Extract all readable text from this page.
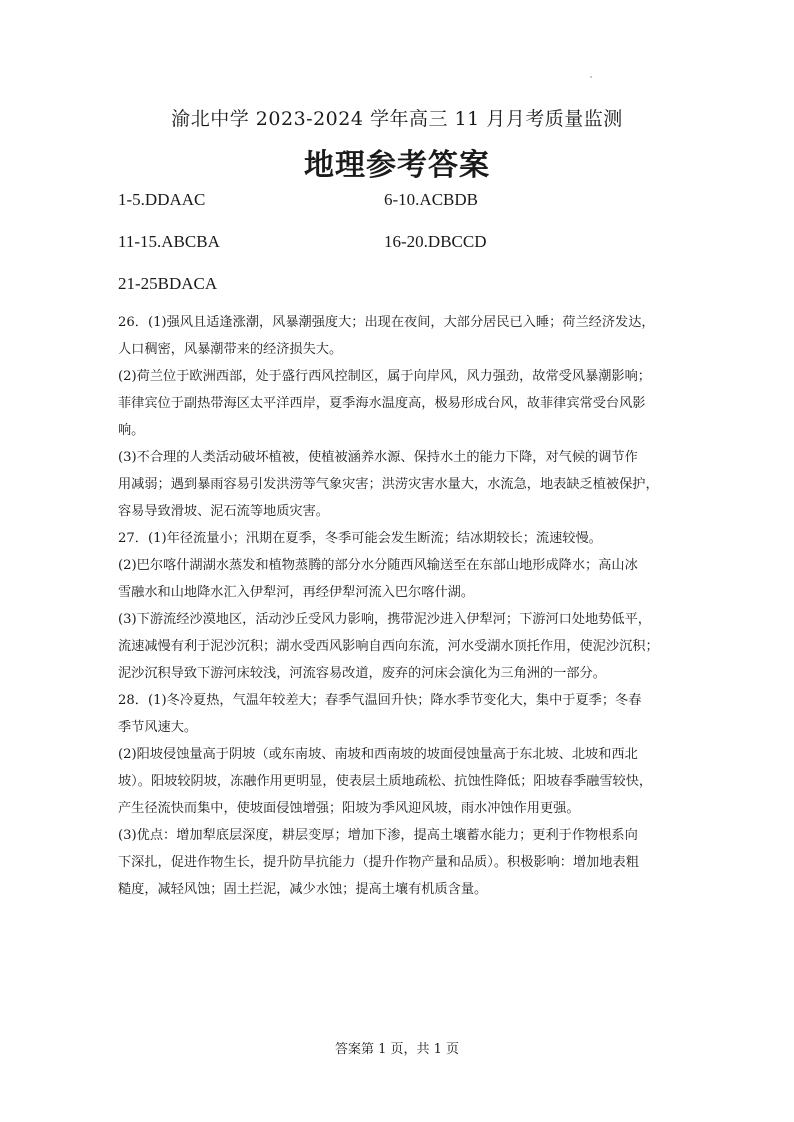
渝北中学 2023-2024 学年高三 11 月月考质量监测
地理参考答案
1-5.DDAAC	6-10.ACBDB
11-15.ABCBA	16-20.DBCCD
21-25BDACA
26．(1)强风且适逢涨潮，风暴潮强度大；出现在夜间，大部分居民已入睡；荷兰经济发达，
人口稠密，风暴潮带来的经济损失大。
(2)荷兰位于欧洲西部，处于盛行西风控制区，属于向岸风，风力强劲，故常受风暴潮影响；
菲律宾位于副热带海区太平洋西岸，夏季海水温度高，极易形成台风，故菲律宾常受台风影
响。
(3)不合理的人类活动破坏植被，使植被涵养水源、保持水土的能力下降，对气候的调节作
用减弱；遇到暴雨容易引发洪涝等气象灾害；洪涝灾害水量大，水流急，地表缺乏植被保护，
容易导致滑坡、泥石流等地质灾害。
27．(1)年径流量小；汛期在夏季，冬季可能会发生断流；结冰期较长；流速较慢。
(2)巴尔喀什湖湖水蒸发和植物蒸腾的部分水分随西风输送至在东部山地形成降水；高山冰
雪融水和山地降水汇入伊犁河，再经伊犁河流入巴尔喀什湖。
(3)下游流经沙漠地区，活动沙丘受风力影响，携带泥沙进入伊犁河；下游河口处地势低平，
流速减慢有利于泥沙沉积；湖水受西风影响自西向东流，河水受湖水顶托作用，使泥沙沉积；
泥沙沉积导致下游河床较浅，河流容易改道，废弃的河床会演化为三角洲的一部分。
28．(1)冬冷夏热，气温年较差大；春季气温回升快；降水季节变化大，集中于夏季；冬春
季节风速大。
(2)阳坡侵蚀量高于阴坡（或东南坡、南坡和西南坡的坡面侵蚀量高于东北坡、北坡和西北
坡）。阳坡较阴坡，冻融作用更明显，使表层土质地疏松、抗蚀性降低；阳坡春季融雪较快，
产生径流快而集中，使坡面侵蚀增强；阳坡为季风迎风坡，雨水冲蚀作用更强。
(3)优点：增加犁底层深度，耕层变厚；增加下渗，提高土壤蓄水能力；更利于作物根系向
下深扎，促进作物生长，提升防旱抗能力（提升作物产量和品质）。积极影响：增加地表粗
糙度，减轻风蚀；固土拦泥，减少水蚀；提高土壤有机质含量。
答案第 1 页，共 1 页
